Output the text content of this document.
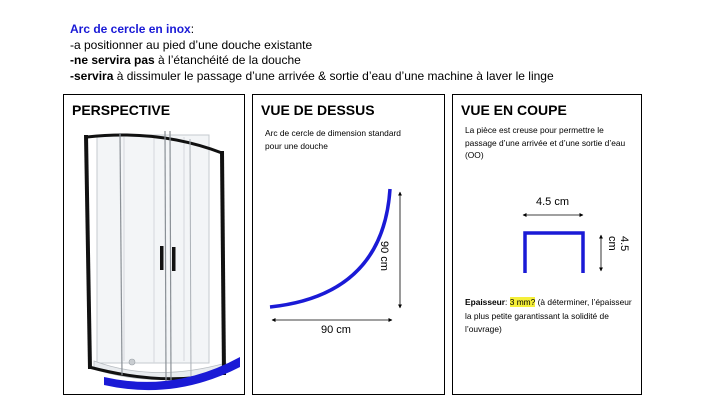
Arc de cercle en inox:
-a positionner au pied d’une douche existante
-ne servira pas à l’étanchéité de la douche
-servira à dissimuler le passage d’une arrivée & sortie d’eau d’une machine à laver le linge
PERSPECTIVE	VUE DE DESSUS
Arc de cercle de dimension standard pour une douche
90 cm
90 cm
VUE EN COUPE
La pièce est creuse pour permettre le passage d’une arrivée et d’une sortie d’eau (OO)
4.5 cm
4.5 cm
Epaisseur: 3 mm? (à déterminer, l’épaisseur la plus petite garantissant la solidité de l’ouvrage)
